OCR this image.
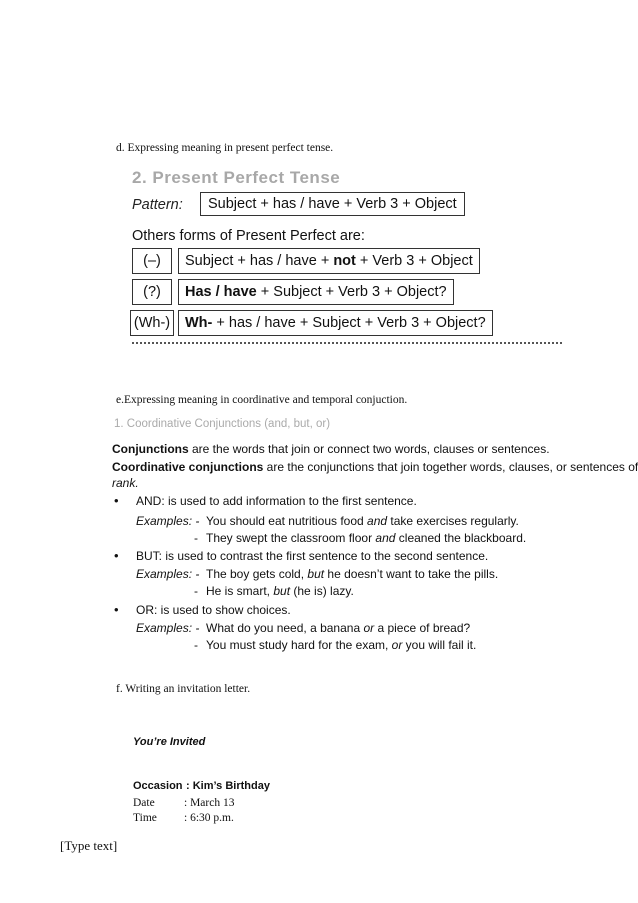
d. Expressing meaning in present perfect tense.
2. Present Perfect Tense
Pattern:	Subject + has / have + Verb 3 + Object
Others forms of Present Perfect are:
(–)	Subject + has / have + not + Verb 3 + Object
(?)	Has / have + Subject + Verb 3 + Object?
(Wh-)	Wh- + has / have + Subject + Verb 3 + Object?
e.Expressing meaning in coordinative and temporal conjuction.
1. Coordinative Conjunctions (and, but, or)
Conjunctions are the words that join or connect two words, clauses or sentences.
Coordinative conjunctions are the conjunctions that join together words, clauses, or sentences of
rank.
• AND: is used to add information to the first sentence.
Examples: - You should eat nutritious food and take exercises regularly.
- They swept the classroom floor and cleaned the blackboard.
• BUT: is used to contrast the first sentence to the second sentence.
Examples: - The boy gets cold, but he doesn’t want to take the pills.
- He is smart, but (he is) lazy.
• OR: is used to show choices.
Examples: - What do you need, a banana or a piece of bread?
- You must study hard for the exam, or you will fail it.
f. Writing an invitation letter.
You’re Invited
Occasion : Kim’s Birthday
Date	: March 13
Time : 6:30 p.m.
[Type text]
